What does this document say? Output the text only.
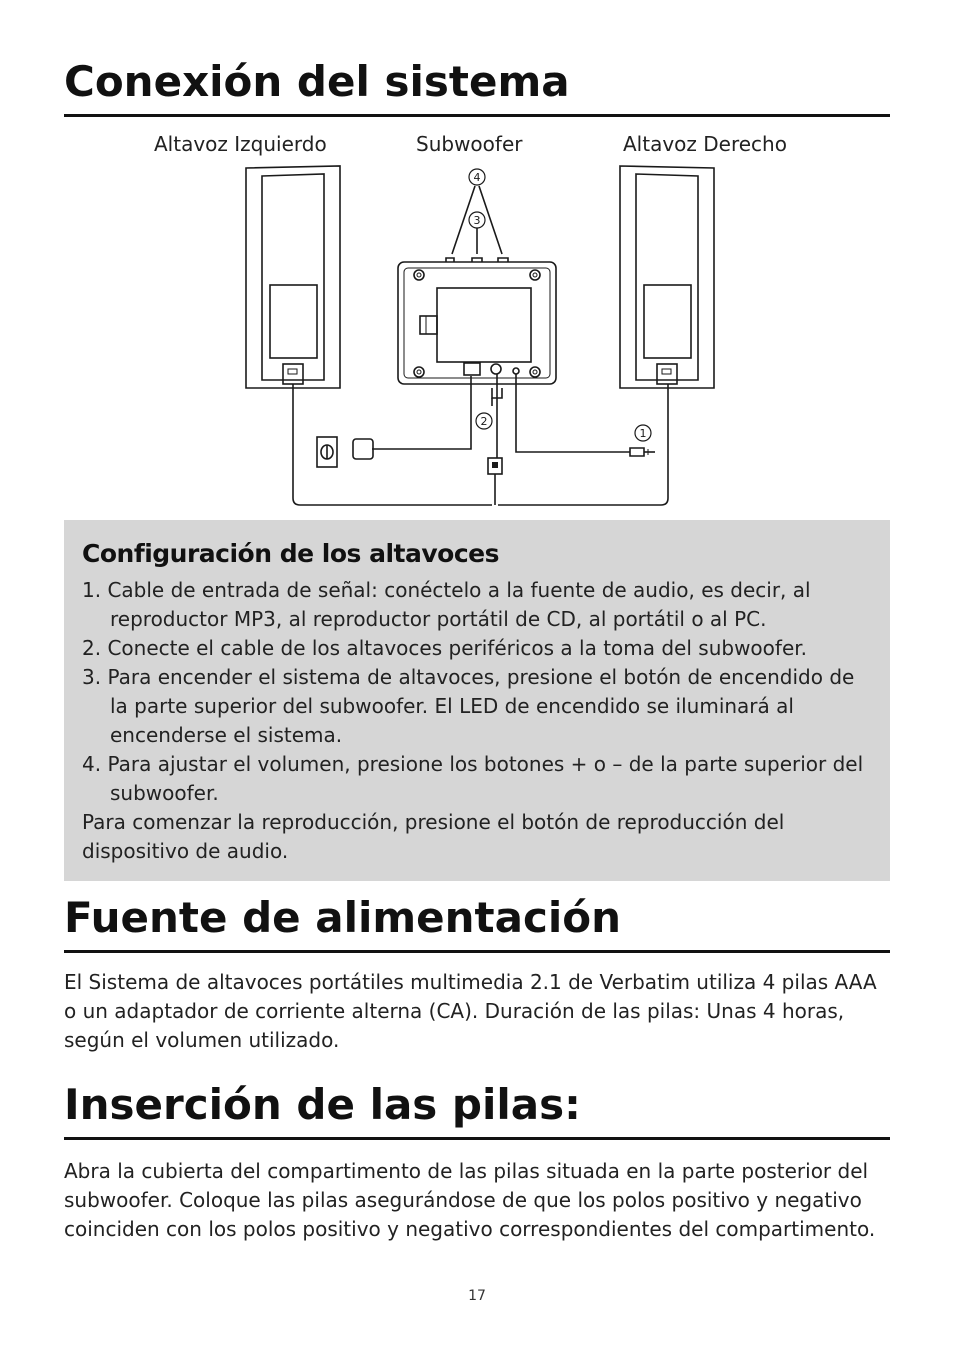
Conexión del sistema
Altavoz Izquierdo	Subwoofer	Altavoz Derecho
4
3
2
1
Configuración de los altavoces

1. Cable de entrada de señal: conéctelo a la fuente de audio, es decir, al reproductor MP3, al reproductor portátil de CD, al portátil o al PC.

2. Conecte el cable de los altavoces periféricos a la toma del subwoofer.

3. Para encender el sistema de altavoces, presione el botón de encendido de la parte superior del subwoofer. El LED de encendido se iluminará al encenderse el sistema.

4. Para ajustar el volumen, presione los botones + o – de la parte superior del subwoofer.

Para comenzar la reproducción, presione el botón de reproducción del dispositivo de audio.

Fuente de alimentación

El Sistema de altavoces portátiles multimedia 2.1 de Verbatim utiliza 4 pilas AAA o un adaptador de corriente alterna (CA). Duración de las pilas: Unas 4 horas, según el volumen utilizado.

Inserción de las pilas:

Abra la cubierta del compartimento de las pilas situada en la parte posterior del subwoofer. Coloque las pilas asegurándose de que los polos positivo y negativo coinciden con los polos positivo y negativo correspondientes del compartimento.

17
